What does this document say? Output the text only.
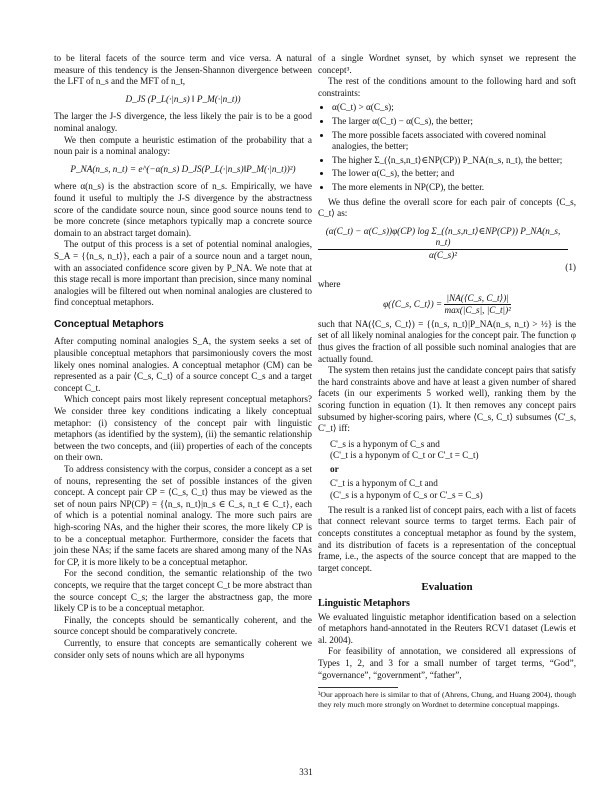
to be literal facets of the source term and vice versa. A natural measure of this tendency is the Jensen-Shannon divergence between the LFT of n_s and the MFT of n_t,

D_JS (P_L(·|n_s) ‖ P_M(·|n_t))

The larger the J-S divergence, the less likely the pair is to be a good nominal analogy.

We then compute a heuristic estimation of the probability that a noun pair is a nominal analogy:

P_NA(n_s, n_t) = e^(−α(n_s) D_JS(P_L(·|n_s)‖P_M(·|n_t))²)

where α(n_s) is the abstraction score of n_s. Empirically, we have found it useful to multiply the J-S divergence by the abstractness score of the candidate source noun, since good source nouns tend to be more concrete (since metaphors typically map a concrete source domain to an abstract target domain).

The output of this process is a set of potential nominal analogies, S_A = {⟨n_s, n_t⟩}, each a pair of a source noun and a target noun, with an associated confidence score given by P_NA. We note that at this stage recall is more important than precision, since many nominal analogies will be filtered out when nominal analogies are clustered to find conceptual metaphors.

Conceptual Metaphors

After computing nominal analogies S_A, the system seeks a set of plausible conceptual metaphors that parsimoniously covers the most likely ones nominal analogies. A conceptual metaphor (CM) can be represented as a pair ⟨C_s, C_t⟩ of a source concept C_s and a target concept C_t.

Which concept pairs most likely represent conceptual metaphors? We consider three key conditions indicating a likely conceptual metaphor: (i) consistency of the concept pair with linguistic metaphors (as identified by the system), (ii) the semantic relationship between the two concepts, and (iii) properties of each of the concepts on their own.

To address consistency with the corpus, consider a concept as a set of nouns, representing the set of possible instances of the given concept. A concept pair CP = ⟨C_s, C_t⟩ thus may be viewed as the set of noun pairs NP(CP) = {⟨n_s, n_t⟩|n_s ∈ C_s, n_t ∈ C_t}, each of which is a potential nominal analogy. The more such pairs are high-scoring NAs, and the higher their scores, the more likely CP is to be a conceptual metaphor. Furthermore, consider the facets that join these NAs; if the same facets are shared among many of the NAs for CP, it is more likely to be a conceptual metaphor.

For the second condition, the semantic relationship of the two concepts, we require that the target concept C_t be more abstract than the source concept C_s; the larger the abstractness gap, the more likely CP is to be a conceptual metaphor.

Finally, the concepts should be semantically coherent, and the source concept should be comparatively concrete.

Currently, to ensure that concepts are semantically coherent we consider only sets of nouns which are all hyponyms

of a single Wordnet synset, by which synset we represent the concept³.

The rest of the conditions amount to the following hard and soft constraints:

• α(C_t) > α(C_s);
• The larger α(C_t) − α(C_s), the better;
• The more possible facets associated with covered nominal analogies, the better;
• The higher Σ_(⟨n_s,n_t⟩∈NP(CP)) P_NA(n_s, n_t), the better;
• The lower α(C_s), the better; and
• The more elements in NP(CP), the better.

We thus define the overall score for each pair of concepts ⟨C_s, C_t⟩ as:

(α(C_t) − α(C_s))φ(CP) log Σ_(⟨n_s,n_t⟩∈NP(CP)) P_NA(n_s, n_t)
α(C_s)²
(1)

where

φ(⟨C_s, C_t⟩) = $\frac{|NA(⟨C\_s, C\_t⟩)|}{\text{max(|C\_s|, |C\_t|)²}}$

such that NA(⟨C_s, C_t⟩) = {⟨n_s, n_t⟩|P_NA(n_s, n_t) > ½} is the set of all likely nominal analogies for the concept pair. The function φ thus gives the fraction of all possible such nominal analogies that are actually found.

The system then retains just the candidate concept pairs that satisfy the hard constraints above and have at least a given number of shared facets (in our experiments 5 worked well), ranking them by the scoring function in equation (1). It then removes any concept pairs subsumed by higher-scoring pairs, where ⟨C_s, C_t⟩ subsumes ⟨C'_s, C'_t⟩ iff:

C'_s is a hyponym of C_s and
(C'_t is a hyponym of C_t or C'_t = C_t)
or
C'_t is a hyponym of C_t and
(C'_s is a hyponym of C_s or C'_s = C_s)

The result is a ranked list of concept pairs, each with a list of facets that connect relevant source terms to target terms. Each pair of concepts constitutes a conceptual metaphor as found by the system, and its distribution of facets is a representation of the conceptual frame, i.e., the aspects of the source concept that are mapped to the target concept.

Evaluation
Linguistic Metaphors

We evaluated linguistic metaphor identification based on a selection of metaphors hand-annotated in the Reuters RCV1 dataset (Lewis et al. 2004).

For feasibility of annotation, we considered all expressions of Types 1, 2, and 3 for a small number of target terms, “God”, “governance”, “government”, “father”,

³Our approach here is similar to that of (Ahrens, Chung, and Huang 2004), though they rely much more strongly on Wordnet to determine conceptual mappings.

331
